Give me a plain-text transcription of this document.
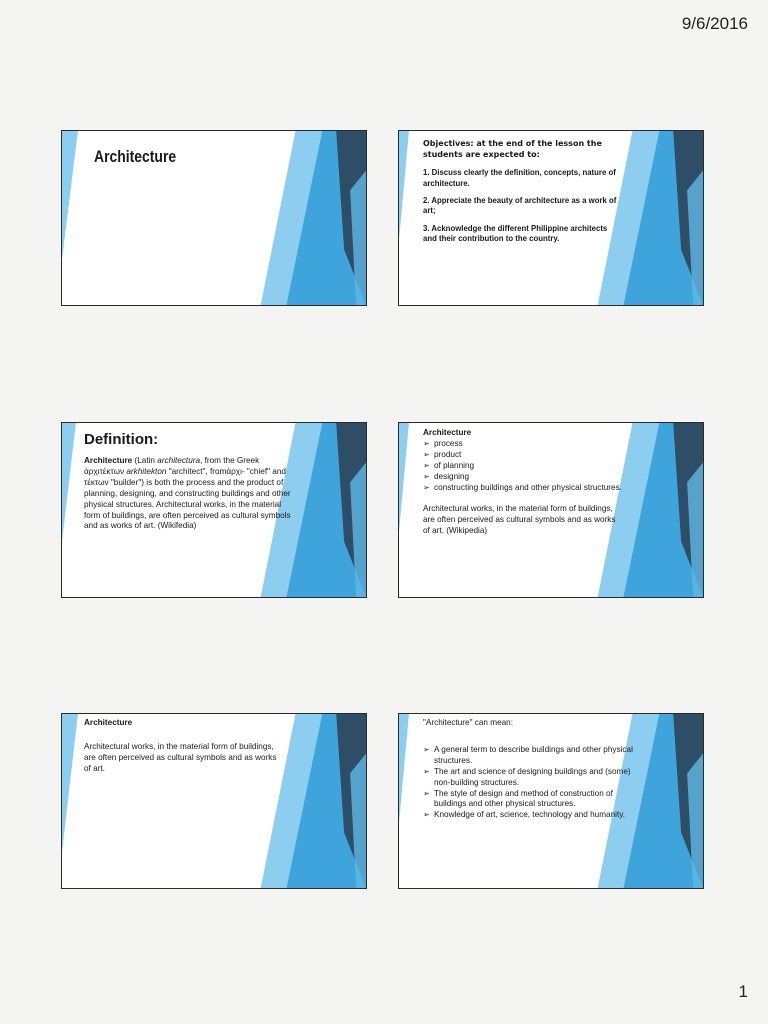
9/6/2016
Architecture
Objectives: at the end of the lesson the students are expected to:
1. Discuss clearly the definition, concepts, nature of architecture.
2. Appreciate the beauty of architecture as a work of art;
3. Acknowledge the different Philippine architects and their contribution to the country.
Definition:
Architecture (Latin architectura, from the Greek ἀρχιτέκτων arkhitekton "architect", fromἀρχι- "chief" and τέκτων "builder") is both the process and the product of planning, designing, and constructing buildings and other physical structures. Architectural works, in the material form of buildings, are often perceived as cultural symbols and as works of art. (Wikifedia)
Architecture
➢ process
➢ product
➢ of planning
➢ designing
➢ constructing buildings and other physical structures.
Architectural works, in the material form of buildings, are often perceived as cultural symbols and as works of art. (Wikipedia)
Architecture
Architectural works, in the material form of buildings, are often perceived as cultural symbols and as works of art.
"Architecture" can mean:
➢ A general term to describe buildings and other physical structures.
➢ The art and science of designing buildings and (some) non-building structures.
➢ The style of design and method of construction of buildings and other physical structures.
➢ Knowledge of art, science, technology and humanity.
1
